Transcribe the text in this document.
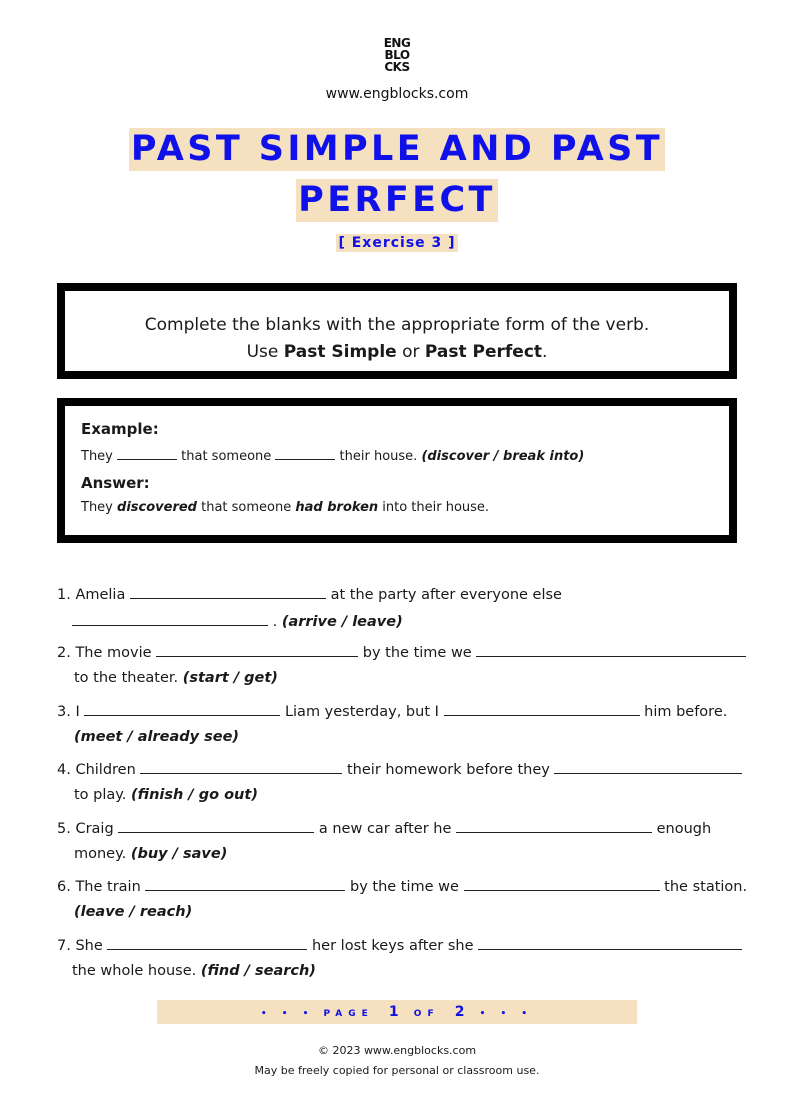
ENG
BLO
CKS
www.engblocks.com
PAST SIMPLE AND PAST
PERFECT
[ Exercise 3 ]
Complete the blanks with the appropriate form of the verb.
Use Past Simple or Past Perfect.
Example:
They	that someone	their house. (discover / break into)
Answer:
They discovered that someone had broken into their house.
1. Amelia	at the party after everyone else
. (arrive / leave)
2. The movie	by the time we
to the theater. (start / get)
3. I	Liam yesterday, but I	him before.
(meet / already see)
4. Children	their homework before they
to play. (finish / go out)
5. Craig	a new car after he	enough
money. (buy / save)
6. The train	by the time we	the station.
(leave / reach)
7. She	her lost keys after she
the whole house. (find / search)
• • • PAGE 1 OF 2 • • •
© 2023 www.engblocks.com
May be freely copied for personal or classroom use.
